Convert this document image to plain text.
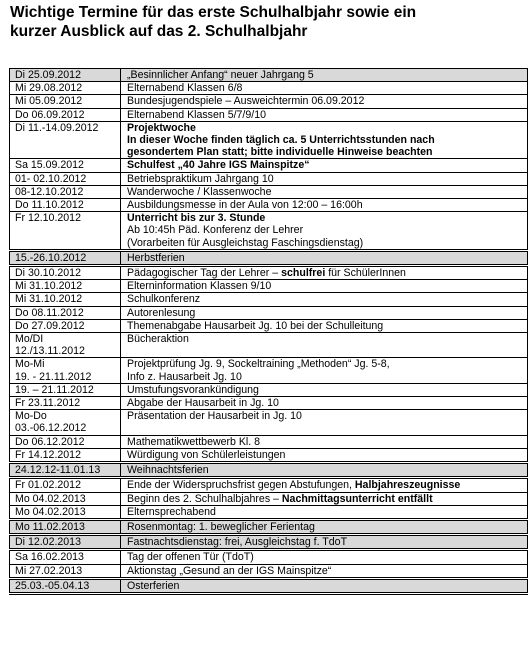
Wichtige Termine für das erste Schulhalbjahr sowie ein
kurzer Ausblick auf das 2. Schulhalbjahr
Di 25.09.2012	„Besinnlicher Anfang“ neuer Jahrgang 5
Mi 29.08.2012	Elternabend Klassen 6/8
Mi 05.09.2012	Bundesjugendspiele – Ausweichtermin 06.09.2012
Do 06.09.2012	Elternabend Klassen 5/7/9/10
Di 11.-14.09.2012	Projektwoche
In dieser Woche finden täglich ca. 5 Unterrichtsstunden nach
gesondertem Plan statt; bitte individuelle Hinweise beachten

Sa 15.09.2012	Schulfest „40 Jahre IGS Mainspitze“
01- 02.10.2012	Betriebspraktikum Jahrgang 10
08-12.10.2012	Wanderwoche / Klassenwoche
Do 11.10.2012	Ausbildungsmesse in der Aula von 12:00 – 16:00h
Fr 12.10.2012	Unterricht bis zur 3. Stunde
Ab 10:45h Päd. Konferenz der Lehrer
(Vorarbeiten für Ausgleichstag Faschingsdienstag)

15.-26.10.2012	Herbstferien
Di 30.10.2012	Pädagogischer Tag der Lehrer – schulfrei für SchülerInnen
Mi 31.10.2012	Elterninformation Klassen 9/10
Mi 31.10.2012	Schulkonferenz
Do 08.11.2012	Autorenlesung
Do 27.09.2012	Themenabgabe Hausarbeit Jg. 10 bei der Schulleitung

Mo/DI
12./13.11.2012	Bücheraktion

Mo-Mi
19. - 21.11.2012	Projektprüfung Jg. 9, Sockeltraining „Methoden“ Jg. 5-8,
Info z. Hausarbeit Jg. 10

19. – 21.11.2012	Umstufungsvorankündigung
Fr 23.11.2012	Abgabe der Hausarbeit in Jg. 10

Mo-Do
03.-06.12.2012	Präsentation der Hausarbeit in Jg. 10
Do 06.12.2012	Mathematikwettbewerb Kl. 8
Fr 14.12.2012	Würdigung von Schülerleistungen
24.12.12-11.01.13	Weihnachtsferien
Fr 01.02.2012	Ende der Widerspruchsfrist gegen Abstufungen, Halbjahreszeugnisse
Mo 04.02.2013	Beginn des 2. Schulhalbjahres – Nachmittagsunterricht entfällt
Mo 04.02.2013	Elternsprechabend
Mo 11.02.2013	Rosenmontag: 1. beweglicher Ferientag
Di 12.02.2013	Fastnachtsdienstag: frei, Ausgleichstag f. TdoT
Sa 16.02.2013	Tag der offenen Tür (TdoT)
Mi 27.02.2013	Aktionstag „Gesund an der IGS Mainspitze“
25.03.-05.04.13	Osterferien
